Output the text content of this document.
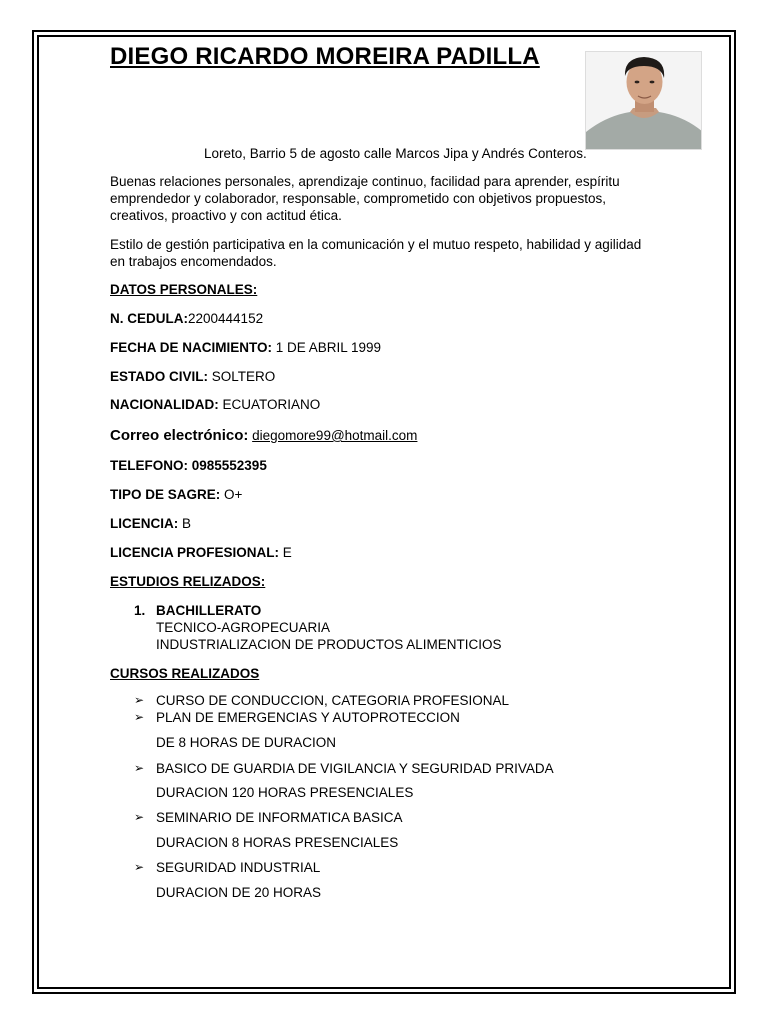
DIEGO RICARDO MOREIRA PADILLA
Loreto, Barrio 5 de agosto calle Marcos Jipa y Andrés Conteros.
Buenas relaciones personales, aprendizaje continuo, facilidad para aprender, espíritu emprendedor y colaborador, responsable, comprometido con objetivos propuestos, creativos, proactivo y con actitud ética.
Estilo de gestión participativa en la comunicación y el mutuo respeto, habilidad y agilidad en trabajos encomendados.
DATOS PERSONALES:
N. CEDULA:2200444152
FECHA DE NACIMIENTO: 1 DE ABRIL 1999
ESTADO CIVIL: SOLTERO
NACIONALIDAD: ECUATORIANO
Correo electrónico: diegomore99@hotmail.com
TELEFONO: 0985552395
TIPO DE SAGRE: O+
LICENCIA: B
LICENCIA PROFESIONAL: E
ESTUDIOS RELIZADOS:
1. BACHILLERATO
TECNICO-AGROPECUARIA
INDUSTRIALIZACION DE PRODUCTOS ALIMENTICIOS
CURSOS REALIZADOS
➢ CURSO DE CONDUCCION, CATEGORIA PROFESIONAL
➢ PLAN DE EMERGENCIAS Y AUTOPROTECCION
DE 8 HORAS DE DURACION
➢ BASICO DE GUARDIA DE VIGILANCIA Y SEGURIDAD PRIVADA
DURACION 120 HORAS PRESENCIALES
➢ SEMINARIO DE INFORMATICA BASICA
DURACION 8 HORAS PRESENCIALES
➢ SEGURIDAD INDUSTRIAL
DURACION DE 20 HORAS
